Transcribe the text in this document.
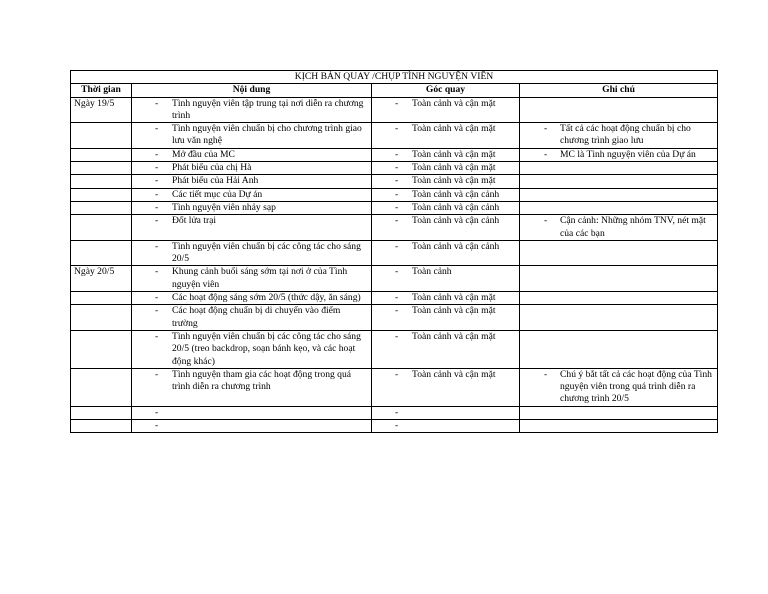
KỊCH BẢN QUAY /CHỤP TÌNH NGUYỆN VIÊN			
Thời gian	Nội dung	Góc quay	Ghi chú
Ngày 19/5	- Tình nguyện viên tập trung tại nơi diễn ra chương trình	- Toàn cảnh và cận mặt	

	- Tình nguyện viên chuẩn bị cho chương trình giao lưu văn nghệ	- Toàn cảnh và cận mặt	- Tất cả các hoạt động chuẩn bị cho chương trình giao lưu

	- Mở đầu của MC	- Toàn cảnh và cận mặt	- MC là Tình nguyện viên của Dự án

	- Phát biểu của chị Hà	- Toàn cảnh và cận mặt	

	- Phát biểu của Hải Anh	- Toàn cảnh và cận mặt	

	- Các tiết mục của Dự án	- Toàn cảnh và cận cảnh	

	- Tình nguyện viên nhảy sạp	- Toàn cảnh và cận cảnh	

	- Đốt lửa trại	- Toàn cảnh và cận cảnh	- Cận cảnh: Những nhóm TNV, nét mặt của các bạn

	- Tình nguyện viên chuẩn bị các công tác cho sáng 20/5	- Toàn cảnh và cận cảnh	

Ngày 20/5	- Khung cảnh buổi sáng sớm tại nơi ở của Tình nguyện viên	- Toàn cảnh	

	- Các hoạt động sáng sớm 20/5 (thức dậy, ăn sáng)	- Toàn cảnh và cận mặt	

	- Các hoạt động chuẩn bị di chuyển vào điểm trường	- Toàn cảnh và cận mặt	

	- Tình nguyện viên chuẩn bị các công tác cho sáng 20/5 (treo backdrop, soạn bánh kẹo, và các hoạt động khác)	- Toàn cảnh và cận mặt	

	- Tình nguyện tham gia các hoạt động trong quá trình diễn ra chương trình	- Toàn cảnh và cận mặt	- Chú ý bắt tất cả các hoạt động của Tình nguyện viên trong quá trình diễn ra chương trình 20/5

	-	-	

	-	-	
